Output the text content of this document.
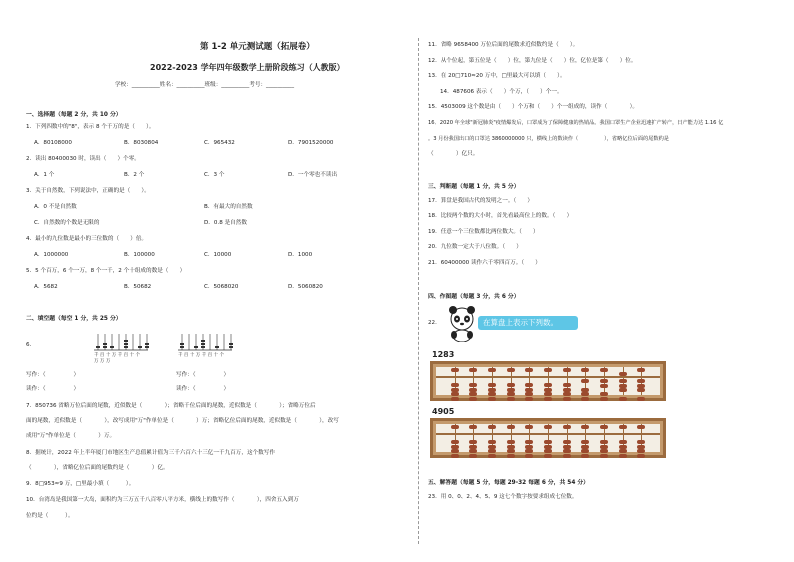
第 1-2 单元测试题（拓展卷）
2022-2023 学年四年级数学上册阶段练习（人教版）
学校：__________姓名：__________班级：__________考号：__________
一、选择题（每题 2 分，共 10 分）
1．下列四数中的"8"，表示 8 个千万的是（　　）。
A．80108000	B．8030804	C．965432	D．7901520000
2．读出 80400030 时，读出（　　）个零。
A．1 个	B．2 个	C．3 个	D．一个零也不读出
3．关于自然数，下列说法中，正确的是（　　）。
A．0 不是自然数	B．有最大的自然数
C．自然数的个数是无限的	D．0.8 是自然数
4．最小的九位数是最小的三位数的（　　）倍。
A．1000000	B．100000	C．10000	D．1000
5．5 个百万，6 个一万，8 个一千，2 个十组成的数是（　　）
A．5682	B．50682	C．5068020	D．5060820
二、填空题（每空 1 分，共 25 分）
6．
千 百 十 万 千 百 十 个
万 万 万
千 百 十 万 千 百 十 个
写作：（　　　　　）	写作：（　　　　　）
读作：（　　　　　）	读作：（　　　　　）
7．850736 省略万位后面的尾数，近似数是（　　　　）；省略千位后面的尾数，近似数是（　　　　）；省略万位后
面的尾数，近似数是（　　　　），改写成用"万"作单位是（　　　　）万；省略亿位后面的尾数，近似数是（　　　　），改写
成用"万"作单位是（　　　　）万。
8．据统计，2022 年上半年厦门市地区生产总值累计值为三千六百六十三亿一千九百万，这个数写作
（　　　　），省略亿位后面的尾数约是（　　　　）亿。
9．8□953≈9 万，□里最小填（　　　）。
10．台湾岛是我国第一大岛，面积约为三万五千八百零八平方米，横线上的数写作（　　　　），四舍五入到万
位约是（　　　）。
11．省略 9658400 万位后面的尾数求近似数约是（　　）。
12．从个位起，第五位是（　　）位，第九位是（　　）位，亿位是第（　　）位。
13．在 20□710≈20 万中，□里最大可以填（　　）。
14．487606 表示（　　）个万，（　　）个一。
15．4503009 这个数是由（　　）个万和（　　）个一组成的，读作（　　　　）。
16．2020 年全球"新冠肺炎"疫情爆发后，口罩成为了保障健康的热销品。我国口罩生产企业迅速扩产转产，日产能力达 1.16 亿
。3 月份我国出口的口罩达 3860000000 只，横线上的数读作（　　　　　），省略亿位后面的尾数约是
（　　　　）亿只。
三、判断题（每题 1 分，共 5 分）
17．算盘是我国古代的发明之一。（　　）
18．比较两个数的大小时，首先看最高位上的数。（　　）
19．任意一个三位数都比两位数大。（　　）
20．九位数一定大于八位数。（　　）
21．60400000 读作六千零四百万。（　　）
四、作图题（每题 3 分，共 6 分）
22．	在算盘上表示下列数。
1283
4905
五、解答题（每题 5 分，每题 29-32 每题 6 分，共 54 分）
23．用 0、0、2、4、5、9 这七个数字按要求组成七位数。
